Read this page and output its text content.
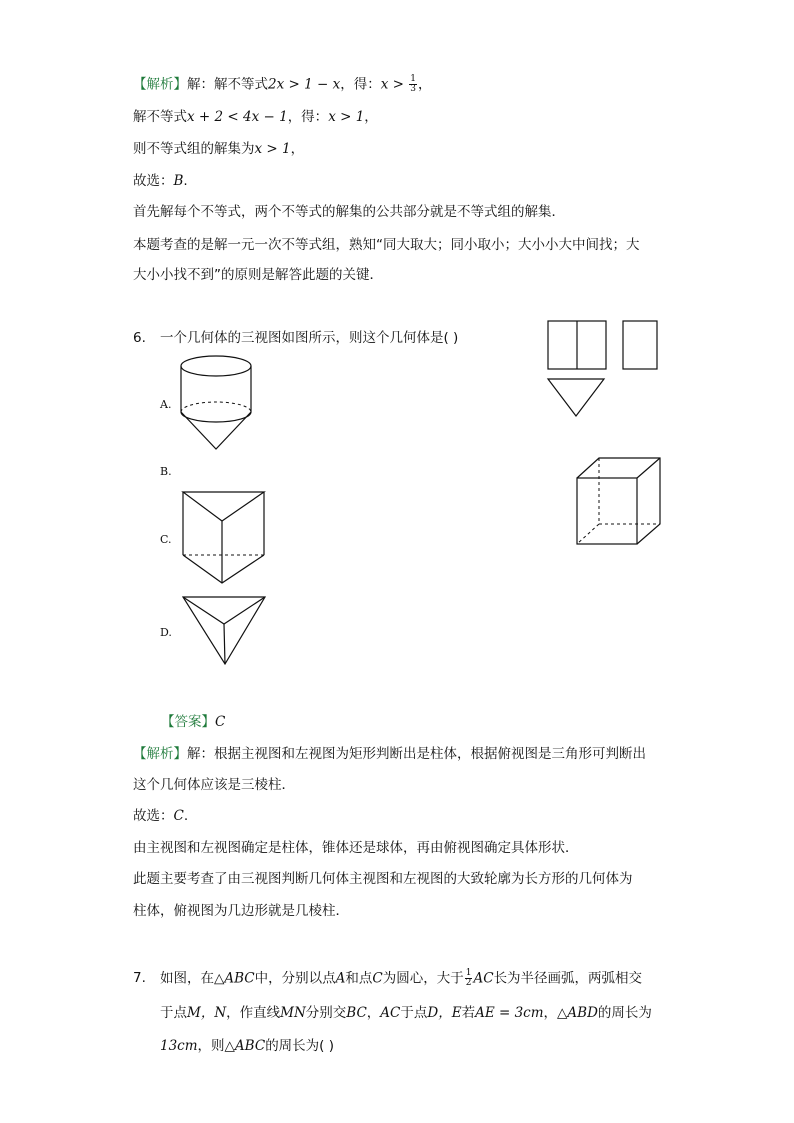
【解析】解：解不等式2x > 1 − x，得：$x > \frac{1}{3}$ ，
解不等式x + 2 < 4x − 1，得：x > 1，
则不等式组的解集为x > 1，
故选：B.
首先解每个不等式，两个不等式的解集的公共部分就是不等式组的解集．
本题考查的是解一元一次不等式组，熟知“同大取大；同小取小；大小小大中间找；大
大小小找不到”的原则是解答此题的关键．
6. 一个几何体的三视图如图所示，则这个几何体是( )
A.
B.
C.
D.
【答案】C
【解析】解：根据主视图和左视图为矩形判断出是柱体，根据俯视图是三角形可判断出
这个几何体应该是三棱柱．
故选：C.
由主视图和左视图确定是柱体，锥体还是球体，再由俯视图确定具体形状．
此题主要考查了由三视图判断几何体主视图和左视图的大致轮廓为长方形的几何体为
柱体，俯视图为几边形就是几棱柱．
7. 如图，在△ABC中，分别以点A和点C为圆心，大于 $\frac{1}{2}$ AC长为半径画弧，两弧相交
于点M，N，作直线MN分别交BC，AC于点D，E若AE = 3cm，△ABD的周长为
13cm，则△ABC的周长为( )
